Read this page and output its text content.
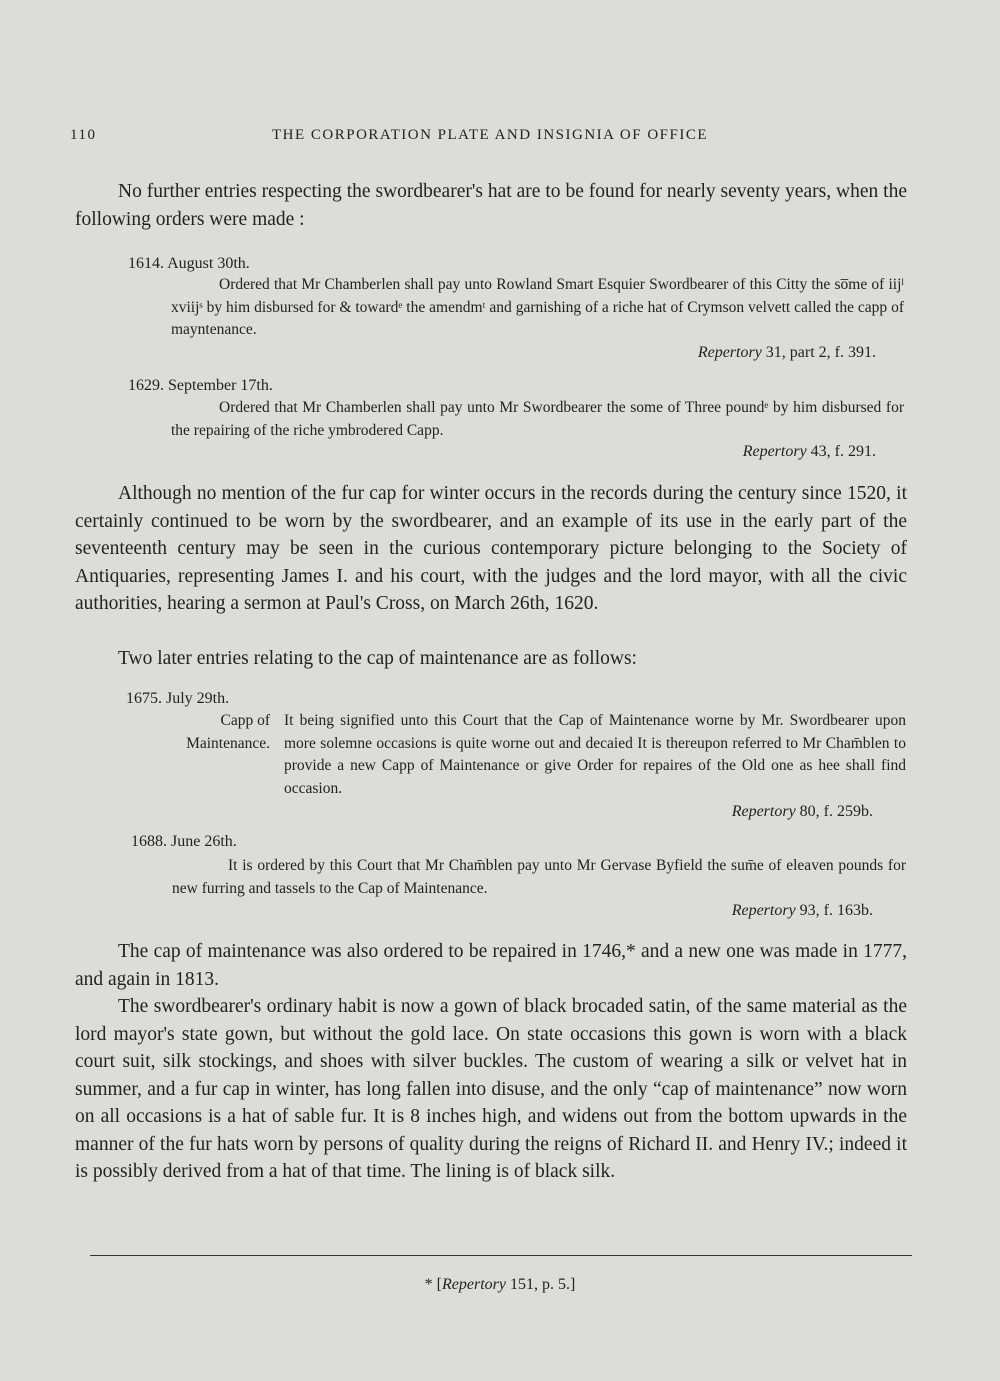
110	THE CORPORATION PLATE AND INSIGNIA OF OFFICE

No further entries respecting the swordbearer's hat are to be found for nearly seventy years, when the following orders were made :

1614. August 30th.

Ordered that Mr Chamberlen shall pay unto Rowland Smart Esquier Swordbearer of this Citty the so̅me of iijˡ xviijˢ by him disbursed for & towardᵉ the amendmᵗ and garnishing of a riche hat of Crymson velvett called the capp of mayntenance.

Repertory 31, part 2, f. 391.
1629. September 17th.

Ordered that Mr Chamberlen shall pay unto Mr Swordbearer the some of Three poundᵉ by him disbursed for the repairing of the riche ymbrodered Capp.

Repertory 43, f. 291.

Although no mention of the fur cap for winter occurs in the records during the century since 1520, it certainly continued to be worn by the swordbearer, and an example of its use in the early part of the seventeenth century may be seen in the curious contemporary picture belonging to the Society of Antiquaries, representing James I. and his court, with the judges and the lord mayor, with all the civic authorities, hearing a sermon at Paul's Cross, on March 26th, 1620.

Two later entries relating to the cap of maintenance are as follows:

1675. July 29th.
Capp of
Maintenance.

It being signified unto this Court that the Cap of Maintenance worne by Mr. Swordbearer upon more solemne occasions is quite worne out and decaied It is thereupon referred to Mr Cham̄blen to provide a new Capp of Maintenance or give Order for repaires of the Old one as hee shall find occasion.

Repertory 80, f. 259b.
1688. June 26th.

It is ordered by this Court that Mr Cham̄blen pay unto Mr Gervase Byfield the sum̄e of eleaven pounds for new furring and tassels to the Cap of Maintenance.

Repertory 93, f. 163b.

The cap of maintenance was also ordered to be repaired in 1746,* and a new one was made in 1777, and again in 1813.

The swordbearer's ordinary habit is now a gown of black brocaded satin, of the same material as the lord mayor's state gown, but without the gold lace. On state occasions this gown is worn with a black court suit, silk stockings, and shoes with silver buckles. The custom of wearing a silk or velvet hat in summer, and a fur cap in winter, has long fallen into disuse, and the only “cap of maintenance” now worn on all occasions is a hat of sable fur. It is 8 inches high, and widens out from the bottom upwards in the manner of the fur hats worn by persons of quality during the reigns of Richard II. and Henry IV.; indeed it is possibly derived from a hat of that time. The lining is of black silk.

* [Repertory 151, p. 5.]
